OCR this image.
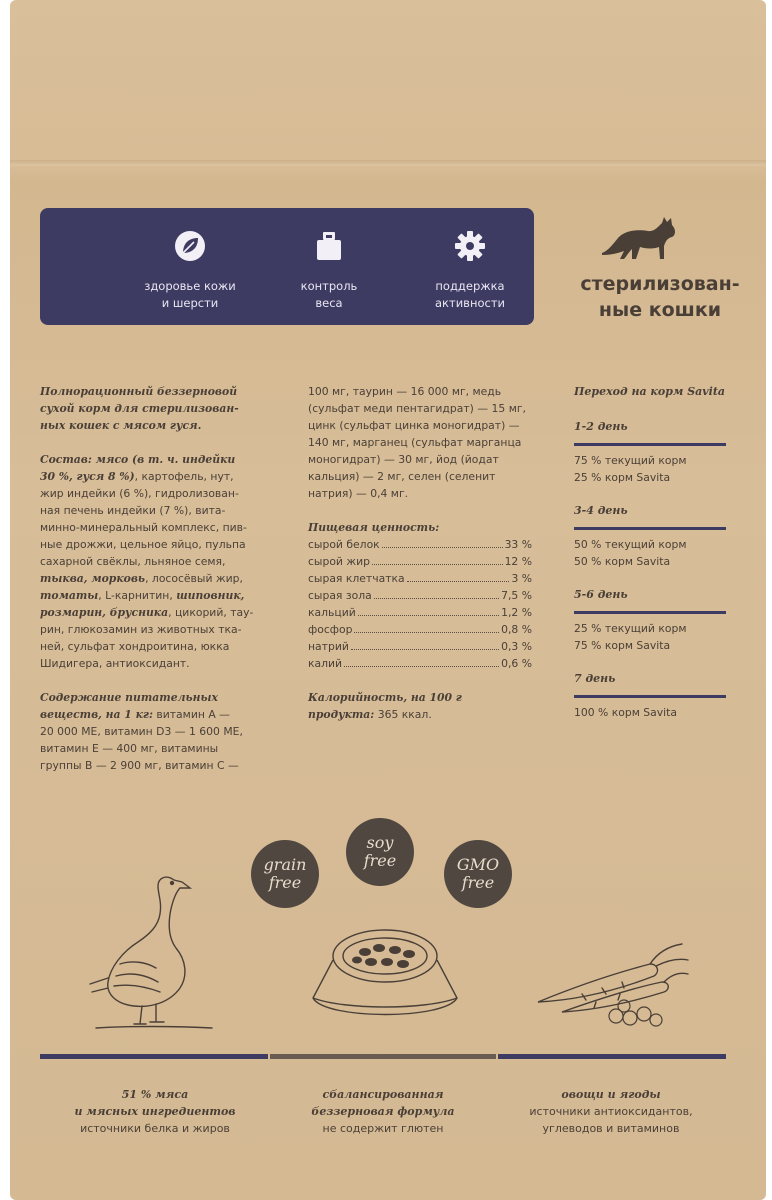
здоровье кожи
и шерсти
контроль
веса
поддержка
активности
стерилизован-
ные кошки
Полнорационный беззерновой
сухой корм для стерилизован-
ных кошек с мясом гуся.
Состав: мясо (в т. ч. индейки
30 %, гуся 8 %), картофель, нут,
жир индейки (6 %), гидролизован-
ная печень индейки (7 %), вита-
минно-минеральный комплекс, пив-
ные дрожжи, цельное яйцо, пульпа
сахарной свёклы, льняное семя,
тыква, морковь, лососёвый жир,
томаты, L-карнитин, шиповник,
розмарин, брусника, цикорий, тау-
рин, глюкозамин из животных тка-
ней, сульфат хондроитина, юкка
Шидигера, антиоксидант.
Содержание питательных
веществ, на 1 кг: витамин А —
20 000 МЕ, витамин D3 — 1 600 МЕ,
витамин Е — 400 мг, витамины
группы В — 2 900 мг, витамин С —
100 мг, таурин — 16 000 мг, медь
(сульфат меди пентагидрат) — 15 мг,
цинк (сульфат цинка моногидрат) —
140 мг, марганец (сульфат марганца
моногидрат) — 30 мг, йод (йодат
кальция) — 2 мг, селен (селенит
натрия) — 0,4 мг.
Пищевая ценность:
сырой белок	33 %
сырой жир	12 %
сырая клетчатка	3 %
сырая зола	7,5 %
кальций	1,2 %
фосфор	0,8 %
натрий	0,3 %
калий	0,6 %
Калорийность, на 100 г
продукта: 365 ккал.
Переход на корм Savita
1-2 день
75 % текущий корм
25 % корм Savita
3-4 день
50 % текущий корм
50 % корм Savita
5-6 день
25 % текущий корм
75 % корм Savita
7 день
100 % корм Savita
grain
free
soy
free	GMO
free
51 % мяса
и мясных ингредиентов
источники белка и жиров
сбалансированная
беззерновая формула
не содержит глютен
овощи и ягоды
источники антиоксидантов,
углеводов и витаминов
